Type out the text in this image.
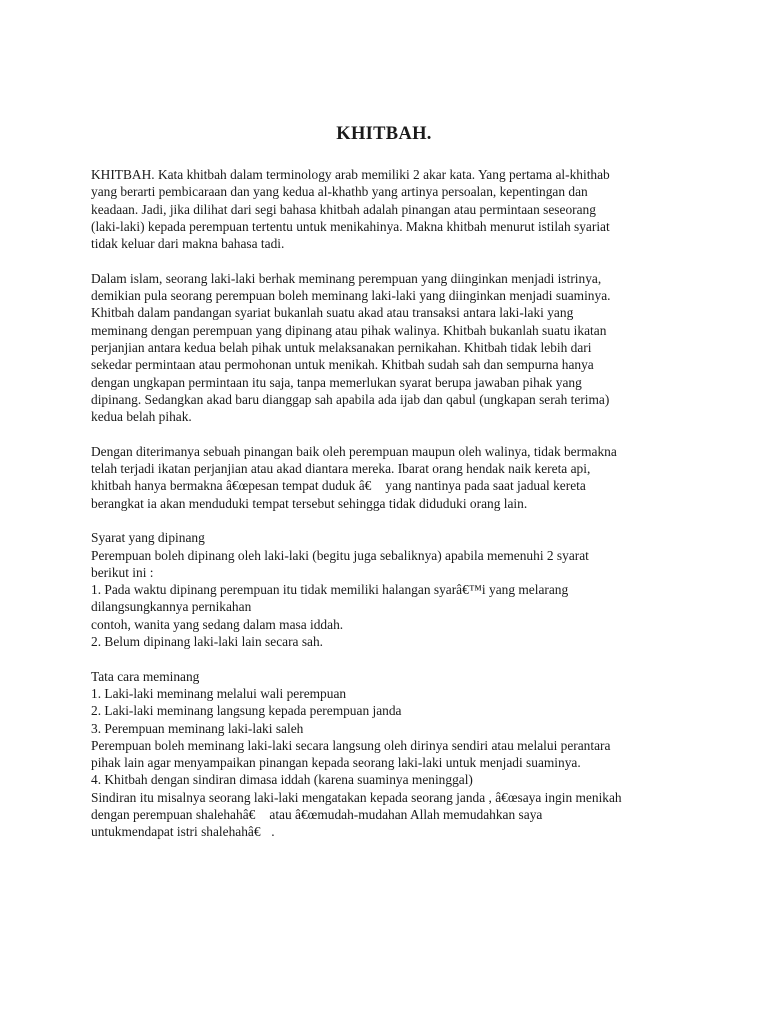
KHITBAH.
KHITBAH. Kata khitbah dalam terminology arab memiliki 2 akar kata. Yang pertama al-khithab
yang berarti pembicaraan dan yang kedua al-khathb yang artinya persoalan, kepentingan dan
keadaan. Jadi, jika dilihat dari segi bahasa khitbah adalah pinangan atau permintaan seseorang
(laki-laki) kepada perempuan tertentu untuk menikahinya. Makna khitbah menurut istilah syariat
tidak keluar dari makna bahasa tadi.
Dalam islam, seorang laki-laki berhak meminang perempuan yang diinginkan menjadi istrinya,
demikian pula seorang perempuan boleh meminang laki-laki yang diinginkan menjadi suaminya.
Khitbah dalam pandangan syariat bukanlah suatu akad atau transaksi antara laki-laki yang
meminang dengan perempuan yang dipinang atau pihak walinya. Khitbah bukanlah suatu ikatan
perjanjian antara kedua belah pihak untuk melaksanakan pernikahan. Khitbah tidak lebih dari
sekedar permintaan atau permohonan untuk menikah. Khitbah sudah sah dan sempurna hanya
dengan ungkapan permintaan itu saja, tanpa memerlukan syarat berupa jawaban pihak yang
dipinang. Sedangkan akad baru dianggap sah apabila ada ijab dan qabul (ungkapan serah terima)
kedua belah pihak.
Dengan diterimanya sebuah pinangan baik oleh perempuan maupun oleh walinya, tidak bermakna
telah terjadi ikatan perjanjian atau akad diantara mereka. Ibarat orang hendak naik kereta api,
khitbah hanya bermakna â€œpesan tempat duduk â€ yang nantinya pada saat jadual kereta
berangkat ia akan menduduki tempat tersebut sehingga tidak diduduki orang lain.
Syarat yang dipinang
Perempuan boleh dipinang oleh laki-laki (begitu juga sebaliknya) apabila memenuhi 2 syarat
berikut ini :
1. Pada waktu dipinang perempuan itu tidak memiliki halangan syarâ€™i yang melarang
dilangsungkannya pernikahan
contoh, wanita yang sedang dalam masa iddah.
2. Belum dipinang laki-laki lain secara sah.
Tata cara meminang
1. Laki-laki meminang melalui wali perempuan
2. Laki-laki meminang langsung kepada perempuan janda
3. Perempuan meminang laki-laki saleh
Perempuan boleh meminang laki-laki secara langsung oleh dirinya sendiri atau melalui perantara
pihak lain agar menyampaikan pinangan kepada seorang laki-laki untuk menjadi suaminya.
4. Khitbah dengan sindiran dimasa iddah (karena suaminya meninggal)
Sindiran itu misalnya seorang laki-laki mengatakan kepada seorang janda , â€œsaya ingin menikah
dengan perempuan shalehahâ€ atau â€œmudah-mudahan Allah memudahkan saya
untukmendapat istri shalehahâ€.
